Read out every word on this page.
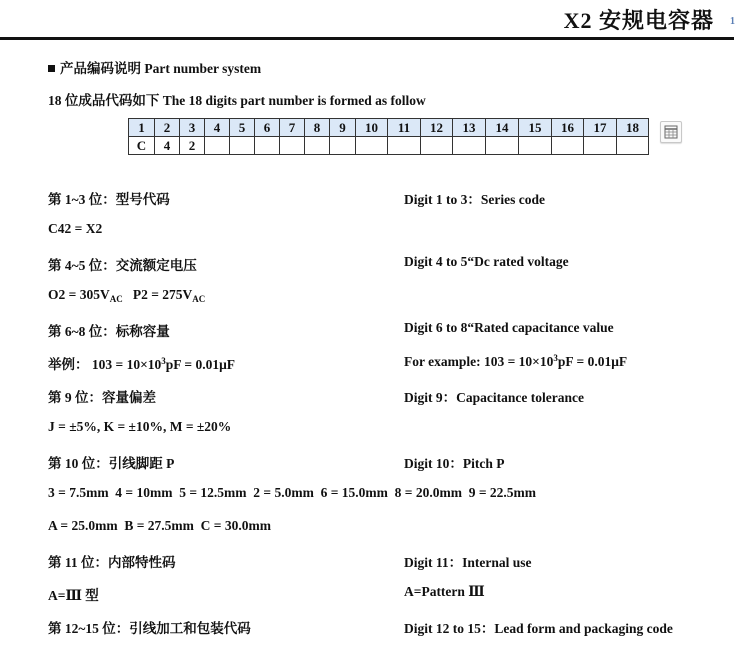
X2 安规电容器 1
产品编码说明 Part number system
18 位成品代码如下 The 18 digits part number is formed as follow
1	2	3	4	5	6	7	8	9	10	11	12	13	14	15	16	17	18
C	4	2															
第 1~3 位：型号代码	Digit 1 to 3：Series code
C42 = X2
第 4~5 位：交流额定电压	Digit 4 to 5“Dc rated voltage
$O2 = 305V_{AC}$ $P2 = 275V_{AC}$
第 6~8 位：标称容量	Digit 6 to 8“Rated capacitance value
举例： $103 = 10\times 10^3pF = 0.01\mu F$	For example: $103 = 10\times 10^3pF = 0.01\mu F$
第 9 位：容量偏差	Digit 9：Capacitance tolerance
J = ±5%, K = ±10%, M = ±20%
第 10 位：引线脚距 P	Digit 10：Pitch P
3 = 7.5mm  4 = 10mm  5 = 12.5mm  2 = 5.0mm  6 = 15.0mm  8 = 20.0mm  9 = 22.5mm
A = 25.0mm  B = 27.5mm  C = 30.0mm
第 11 位：内部特性码	Digit 11：Internal use
A=Ⅲ 型	A=Pattern Ⅲ
第 12~15 位：引线加工和包装代码	Digit 12 to 15：Lead form and packaging code
